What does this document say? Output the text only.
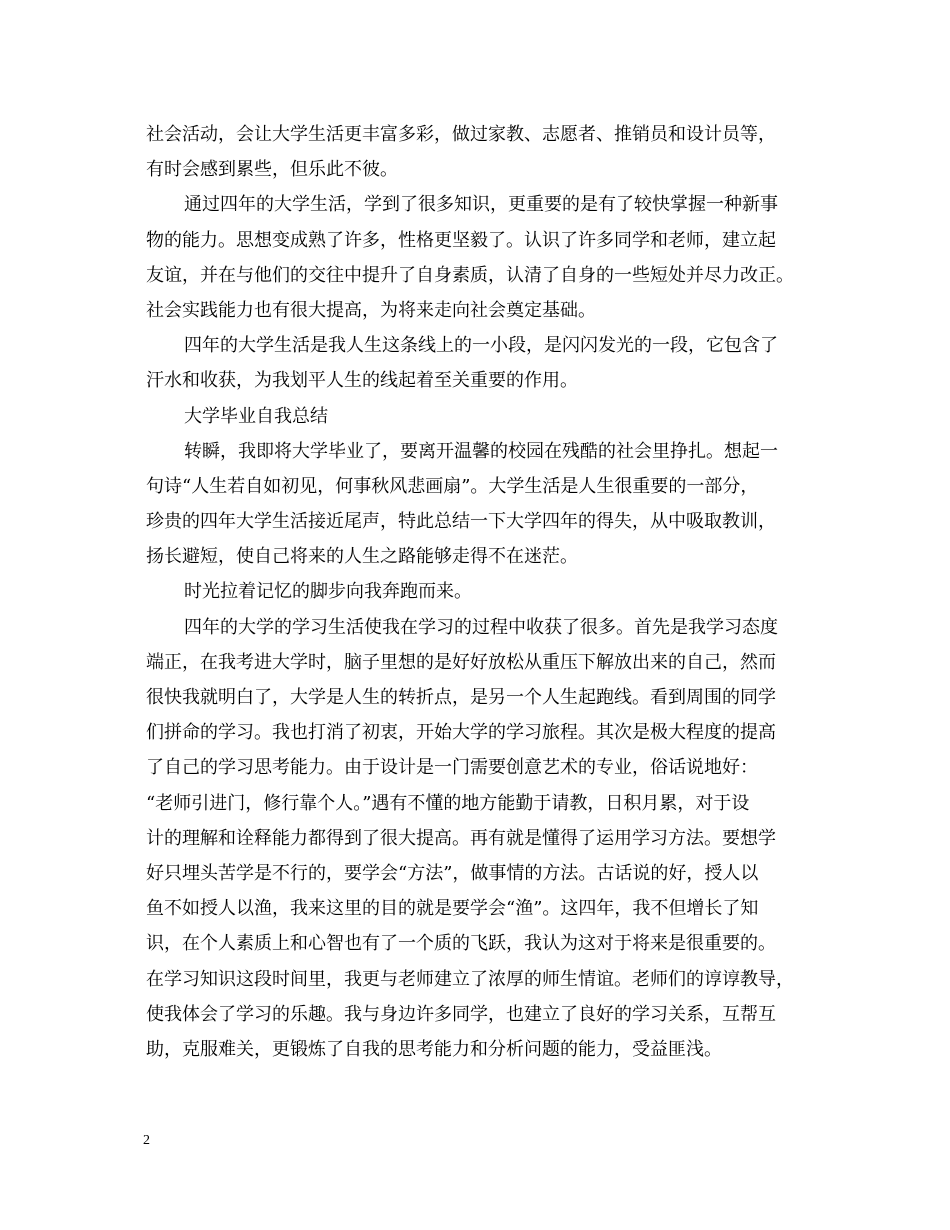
社会活动，会让大学生活更丰富多彩，做过家教、志愿者、推销员和设计员等，
有时会感到累些，但乐此不彼。
通过四年的大学生活，学到了很多知识，更重要的是有了较快掌握一种新事
物的能力。思想变成熟了许多，性格更坚毅了。认识了许多同学和老师，建立起
友谊，并在与他们的交往中提升了自身素质，认清了自身的一些短处并尽力改正。
社会实践能力也有很大提高，为将来走向社会奠定基础。
四年的大学生活是我人生这条线上的一小段，是闪闪发光的一段，它包含了
汗水和收获，为我划平人生的线起着至关重要的作用。
大学毕业自我总结
转瞬，我即将大学毕业了，要离开温馨的校园在残酷的社会里挣扎。想起一
句诗“人生若自如初见，何事秋风悲画扇”。大学生活是人生很重要的一部分，
珍贵的四年大学生活接近尾声，特此总结一下大学四年的得失，从中吸取教训，
扬长避短，使自己将来的人生之路能够走得不在迷茫。
时光拉着记忆的脚步向我奔跑而来。
四年的大学的学习生活使我在学习的过程中收获了很多。首先是我学习态度
端正，在我考进大学时，脑子里想的是好好放松从重压下解放出来的自己，然而
很快我就明白了，大学是人生的转折点，是另一个人生起跑线。看到周围的同学
们拼命的学习。我也打消了初衷，开始大学的学习旅程。其次是极大程度的提高
了自己的学习思考能力。由于设计是一门需要创意艺术的专业，俗话说地好：
“老师引进门，修行靠个人。”遇有不懂的地方能勤于请教，日积月累，对于设
计的理解和诠释能力都得到了很大提高。再有就是懂得了运用学习方法。要想学
好只埋头苦学是不行的，要学会“方法”，做事情的方法。古话说的好，授人以
鱼不如授人以渔，我来这里的目的就是要学会“渔”。这四年，我不但增长了知
识，在个人素质上和心智也有了一个质的飞跃，我认为这对于将来是很重要的。
在学习知识这段时间里，我更与老师建立了浓厚的师生情谊。老师们的谆谆教导，
使我体会了学习的乐趣。我与身边许多同学，也建立了良好的学习关系，互帮互
助，克服难关，更锻炼了自我的思考能力和分析问题的能力，受益匪浅。
2
